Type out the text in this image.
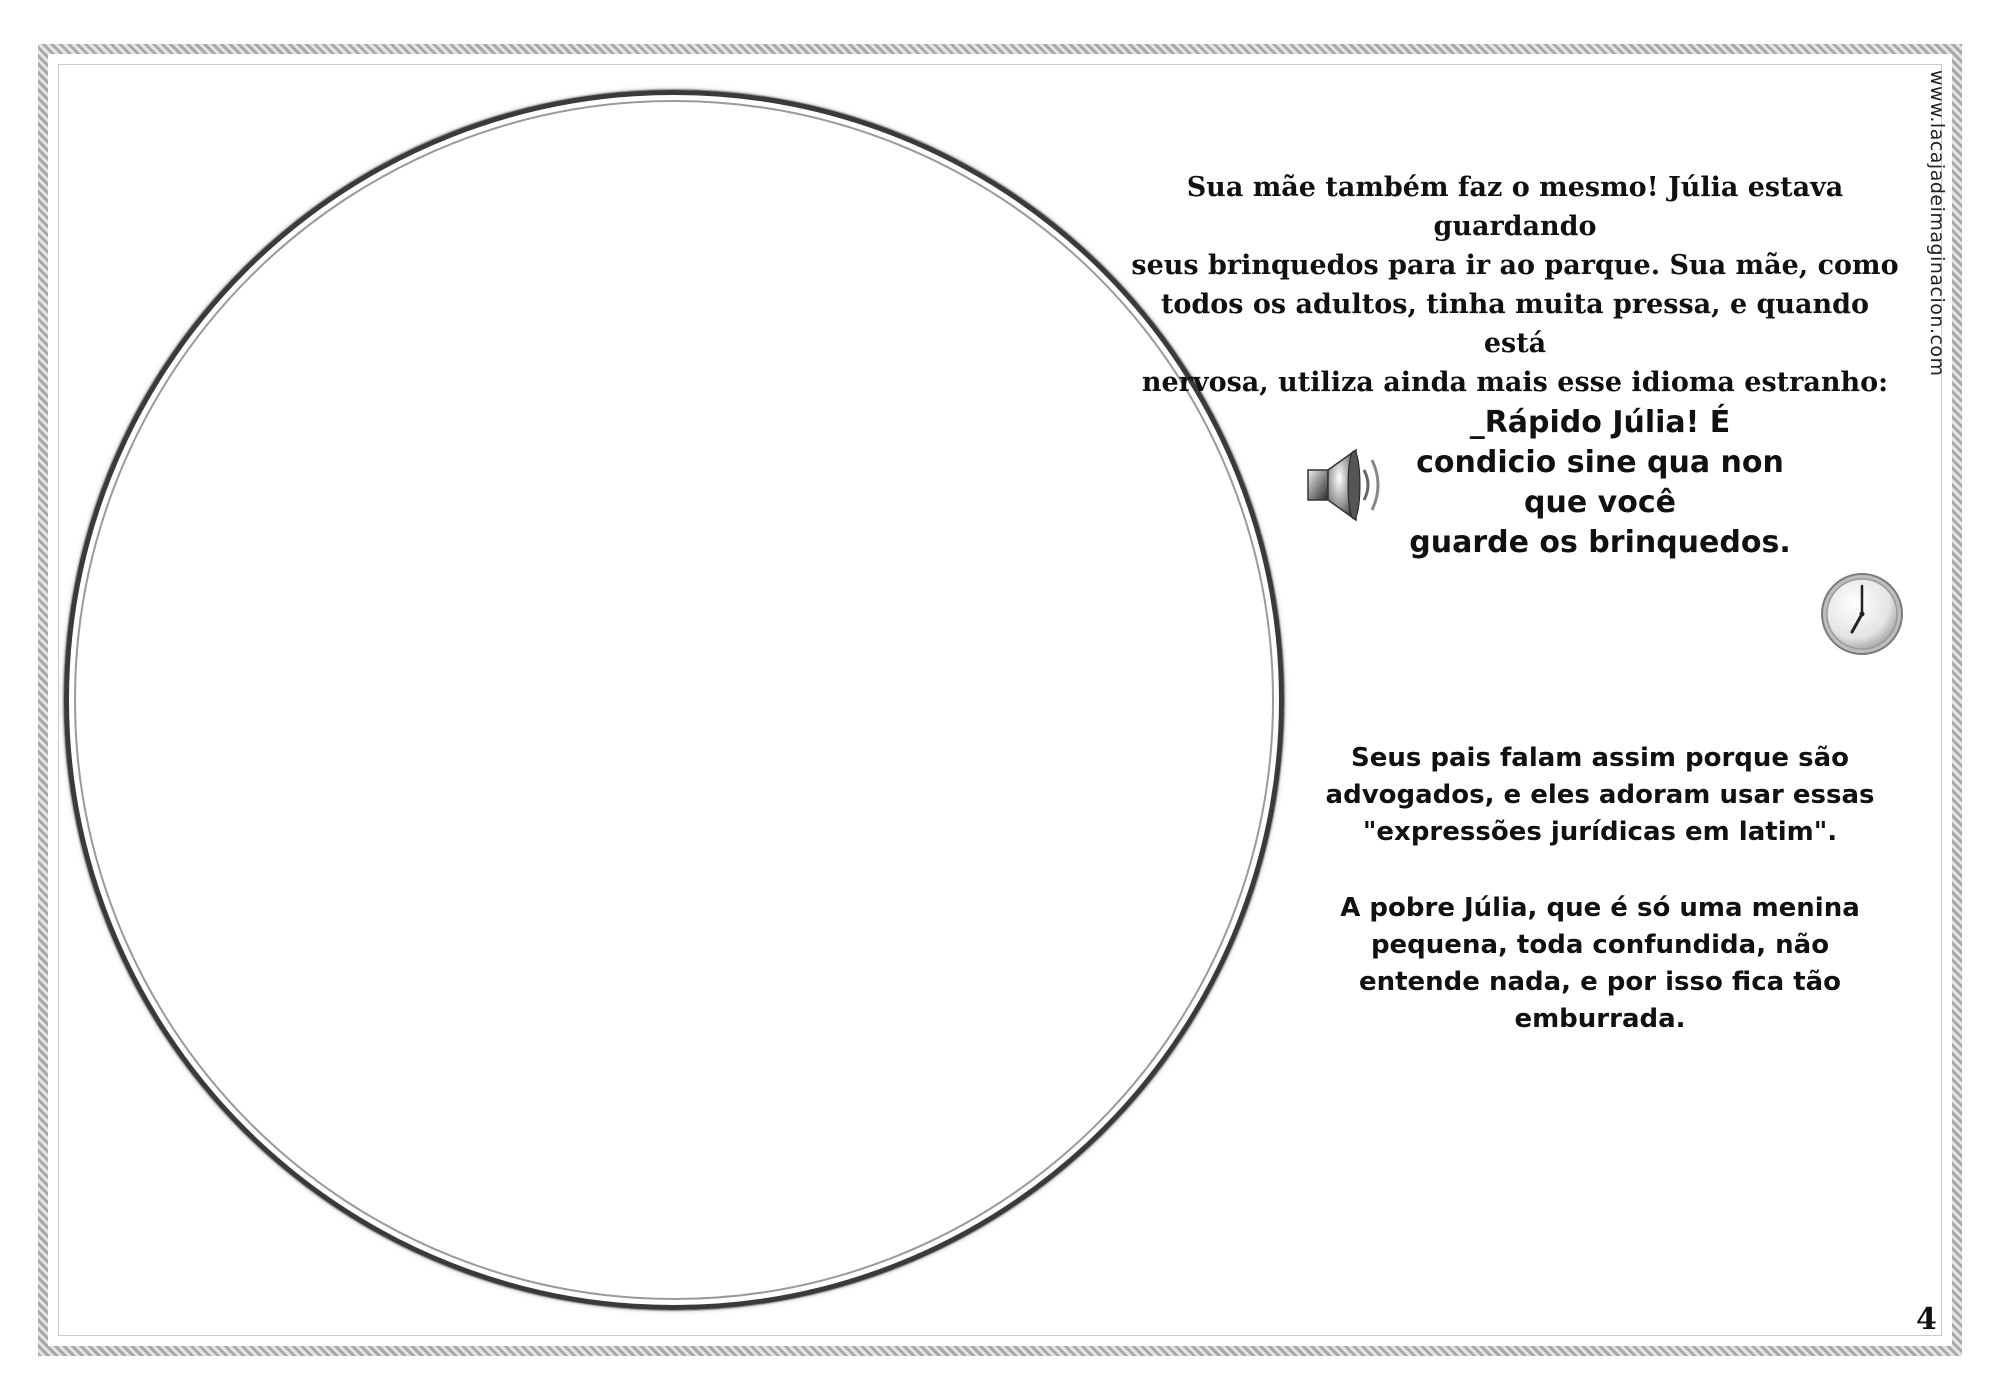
Sua mãe também faz o mesmo! Júlia estava guardando
seus brinquedos para ir ao parque. Sua mãe, como
todos os adultos, tinha muita pressa, e quando está
nervosa, utiliza ainda mais esse idioma estranho:
_Rápido Júlia! É
condicio sine qua non
que você
guarde os brinquedos.
Seus pais falam assim porque são
advogados, e eles adoram usar essas
"expressões jurídicas em latim".
A pobre Júlia, que é só uma menina
pequena, toda confundida, não
entende nada, e por isso fica tão
emburrada.
www.lacajadeimaginacion.com
4
